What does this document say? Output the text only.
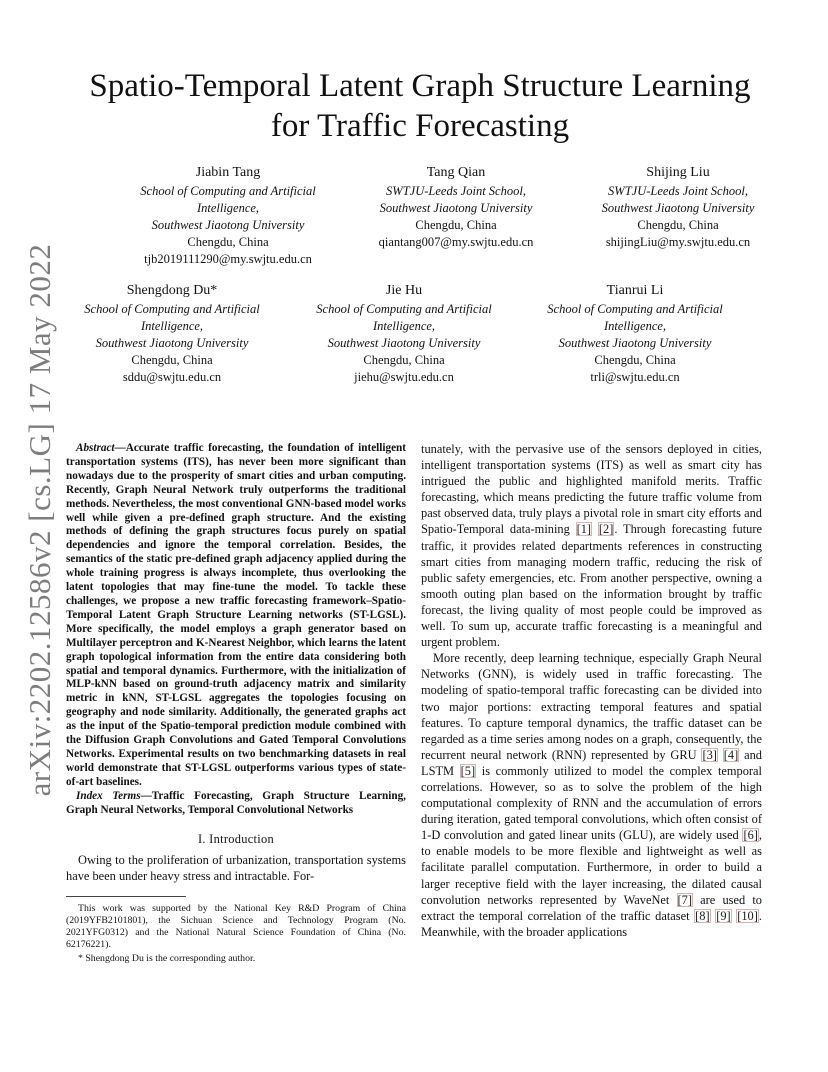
arXiv:2202.12586v2 [cs.LG] 17 May 2022
Spatio-Temporal Latent Graph Structure Learning for Traffic Forecasting
Jiabin Tang
School of Computing and Artificial
Intelligence,
Southwest Jiaotong University
Chengdu, China
tjb2019111290@my.swjtu.edu.cn
Tang Qian
SWTJU-Leeds Joint School,
Southwest Jiaotong University
Chengdu, China
qiantang007@my.swjtu.edu.cn
Shijing Liu
SWTJU-Leeds Joint School,
Southwest Jiaotong University
Chengdu, China
shijingLiu@my.swjtu.edu.cn
Shengdong Du*
School of Computing and Artificial
Intelligence,
Southwest Jiaotong University
Chengdu, China
sddu@swjtu.edu.cn
Jie Hu
School of Computing and Artificial
Intelligence,
Southwest Jiaotong University
Chengdu, China
jiehu@swjtu.edu.cn
Tianrui Li
School of Computing and Artificial
Intelligence,
Southwest Jiaotong University
Chengdu, China
trli@swjtu.edu.cn

Abstract—Accurate traffic forecasting, the foundation of intelligent transportation systems (ITS), has never been more significant than nowadays due to the prosperity of smart cities and urban computing. Recently, Graph Neural Network truly outperforms the traditional methods. Nevertheless, the most conventional GNN-based model works well while given a pre-defined graph structure. And the existing methods of defining the graph structures focus purely on spatial dependencies and ignore the temporal correlation. Besides, the semantics of the static pre-defined graph adjacency applied during the whole training progress is always incomplete, thus overlooking the latent topologies that may fine-tune the model. To tackle these challenges, we propose a new traffic forecasting framework–Spatio-Temporal Latent Graph Structure Learning networks (ST-LGSL). More specifically, the model employs a graph generator based on Multilayer perceptron and K-Nearest Neighbor, which learns the latent graph topological information from the entire data considering both spatial and temporal dynamics. Furthermore, with the initialization of MLP-kNN based on ground-truth adjacency matrix and similarity metric in kNN, ST-LGSL aggregates the topologies focusing on geography and node similarity. Additionally, the generated graphs act as the input of the Spatio-temporal prediction module combined with the Diffusion Graph Convolutions and Gated Temporal Convolutions Networks. Experimental results on two benchmarking datasets in real world demonstrate that ST-LGSL outperforms various types of state-of-art baselines.

Index Terms—Traffic Forecasting, Graph Structure Learning, Graph Neural Networks, Temporal Convolutional Networks

I. Introduction

Owing to the proliferation of urbanization, transportation systems have been under heavy stress and intractable. For-

This work was supported by the National Key R&D Program of China (2019YFB2101801), the Sichuan Science and Technology Program (No. 2021YFG0312) and the National Natural Science Foundation of China (No. 62176221).

* Shengdong Du is the corresponding author.

tunately, with the pervasive use of the sensors deployed in cities, intelligent transportation systems (ITS) as well as smart city has intrigued the public and highlighted manifold merits. Traffic forecasting, which means predicting the future traffic volume from past observed data, truly plays a pivotal role in smart city efforts and Spatio-Temporal data-mining [1] [2]. Through forecasting future traffic, it provides related departments references in constructing smart cities from managing modern traffic, reducing the risk of public safety emergencies, etc. From another perspective, owning a smooth outing plan based on the information brought by traffic forecast, the living quality of most people could be improved as well. To sum up, accurate traffic forecasting is a meaningful and urgent problem.

More recently, deep learning technique, especially Graph Neural Networks (GNN), is widely used in traffic forecasting. The modeling of spatio-temporal traffic forecasting can be divided into two major portions: extracting temporal features and spatial features. To capture temporal dynamics, the traffic dataset can be regarded as a time series among nodes on a graph, consequently, the recurrent neural network (RNN) represented by GRU [3] [4] and LSTM [5] is commonly utilized to model the complex temporal correlations. However, so as to solve the problem of the high computational complexity of RNN and the accumulation of errors during iteration, gated temporal convolutions, which often consist of 1-D convolution and gated linear units (GLU), are widely used [6], to enable models to be more flexible and lightweight as well as facilitate parallel computation. Furthermore, in order to build a larger receptive field with the layer increasing, the dilated causal convolution networks represented by WaveNet [7] are used to extract the temporal correlation of the traffic dataset [8] [9] [10]. Meanwhile, with the broader applications
